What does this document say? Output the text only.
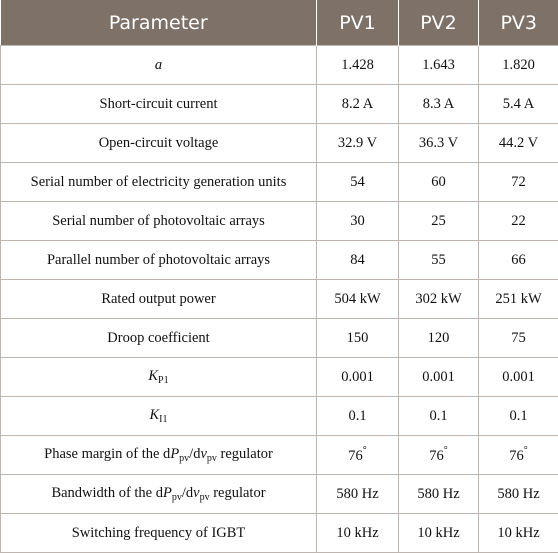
Parameter	PV1	PV2	PV3
a	1.428	1.643	1.820
Short-circuit current	8.2 A	8.3 A	5.4 A
Open-circuit voltage	32.9 V	36.3 V	44.2 V
Serial number of electricity generation units	54	60	72
Serial number of photovoltaic arrays	30	25	22
Parallel number of photovoltaic arrays	84	55	66
Rated output power	504 kW	302 kW	251 kW
Droop coefficient	150	120	75
$K_{P1}$	0.001	0.001	0.001
$K_{I1}$	0.1	0.1	0.1
Phase margin of the $dP_{pv}/dv_{pv}$ regulator	76°	76°	76°
Bandwidth of the $dP_{pv}/dv_{pv}$ regulator	580 Hz	580 Hz	580 Hz
Switching frequency of IGBT	10 kHz	10 kHz	10 kHz
